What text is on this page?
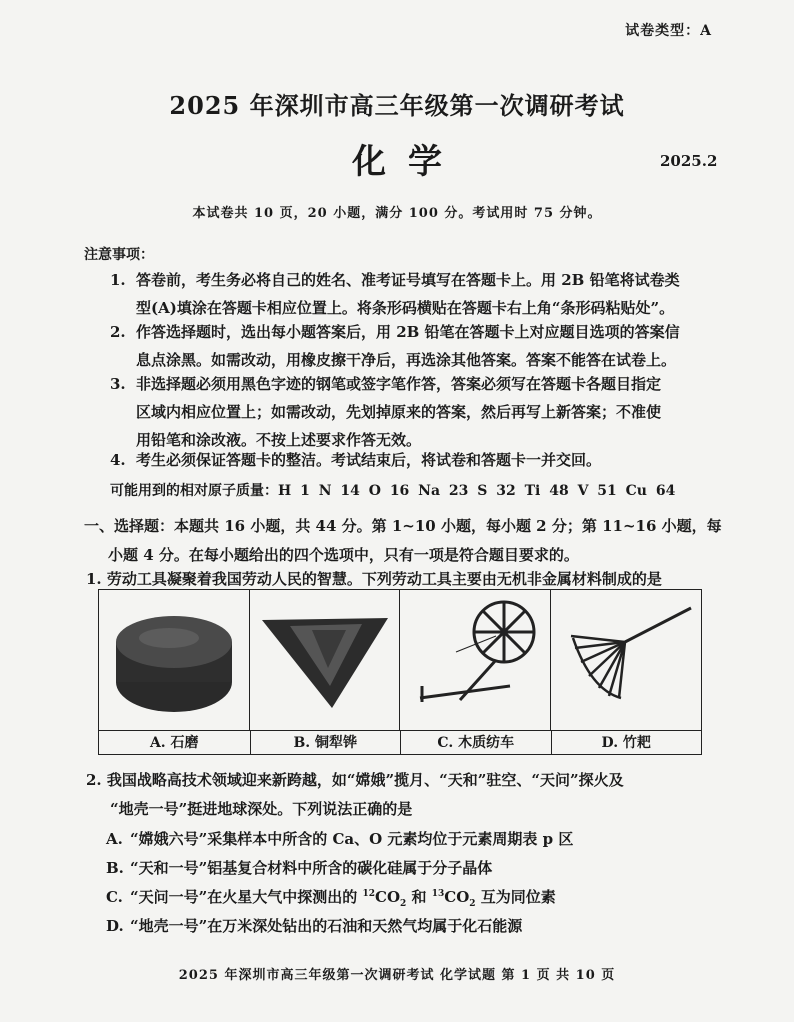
试卷类型：A
2025 年深圳市高三年级第一次调研考试
化学	2025.2
本试卷共 10 页，20 小题，满分 100 分。考试用时 75 分钟。
注意事项：
1. 答卷前，考生务必将自己的姓名、准考证号填写在答题卡上。用 2B 铅笔将试卷类
型(A)填涂在答题卡相应位置上。将条形码横贴在答题卡右上角“条形码粘贴处”。
2. 作答选择题时，选出每小题答案后，用 2B 铅笔在答题卡上对应题目选项的答案信
息点涂黑。如需改动，用橡皮擦干净后，再选涂其他答案。答案不能答在试卷上。
3. 非选择题必须用黑色字迹的钢笔或签字笔作答，答案必须写在答题卡各题目指定
区域内相应位置上；如需改动，先划掉原来的答案，然后再写上新答案；不准使
用铅笔和涂改液。不按上述要求作答无效。
4. 考生必须保证答题卡的整洁。考试结束后，将试卷和答题卡一并交回。
可能用到的相对原子质量：H 1 N 14 O 16 Na 23 S 32 Ti 48 V 51 Cu 64
一、选择题：本题共 16 小题，共 44 分。第 1~10 小题，每小题 2 分；第 11~16 小题，每
小题 4 分。在每小题给出的四个选项中，只有一项是符合题目要求的。
1. 劳动工具凝聚着我国劳动人民的智慧。下列劳动工具主要由无机非金属材料制成的是
A. 石磨	B. 铜犁铧	C. 木质纺车	D. 竹耙
2. 我国战略高技术领域迎来新跨越，如“嫦娥”揽月、“天和”驻空、“天问”探火及
“地壳一号”挺进地球深处。下列说法正确的是
A. “嫦娥六号”采集样本中所含的 Ca、O 元素均位于元素周期表 p 区
B. “天和一号”铝基复合材料中所含的碳化硅属于分子晶体
C. “天问一号”在火星大气中探测出的 $^{12}CO_2$ 和 $^{13}CO_2$ 互为同位素
D. “地壳一号”在万米深处钻出的石油和天然气均属于化石能源
2025 年深圳市高三年级第一次调研考试 化学试题 第 1 页 共 10 页
